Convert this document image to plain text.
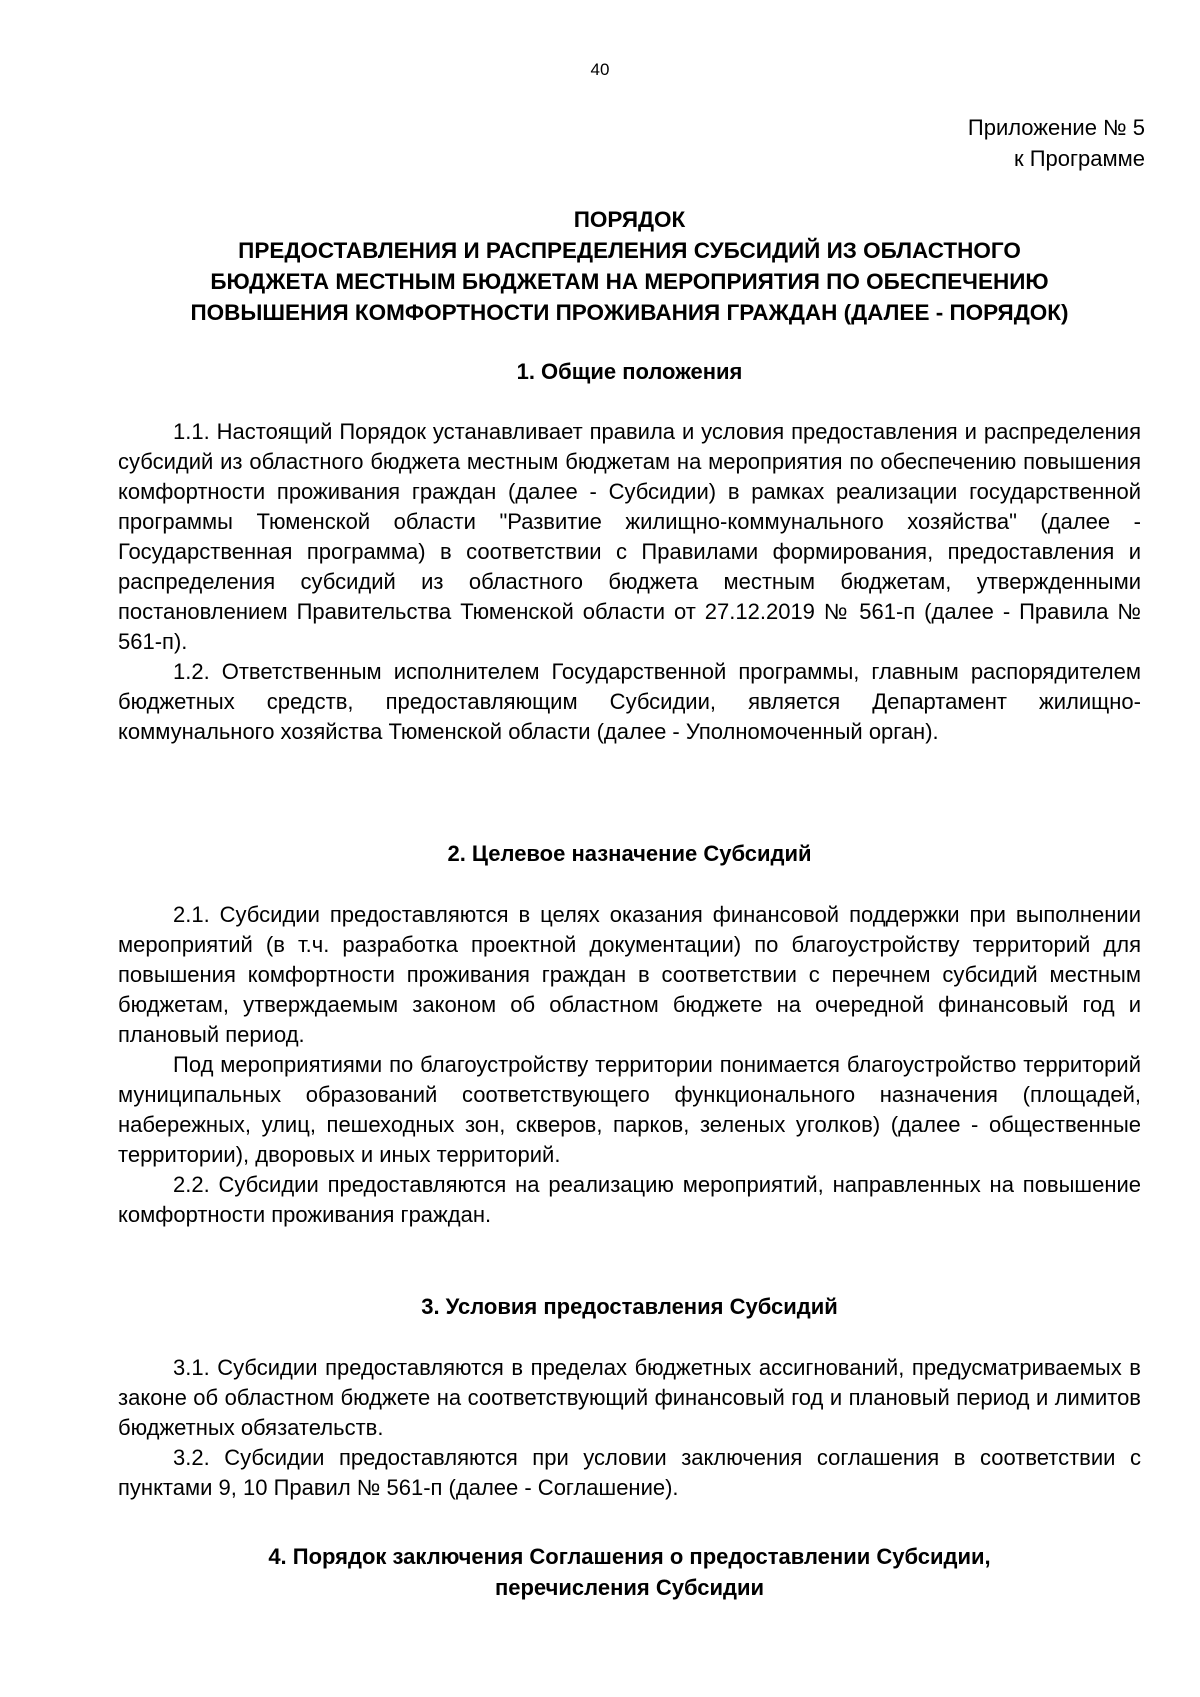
40
Приложение № 5
к Программе
ПОРЯДОК
ПРЕДОСТАВЛЕНИЯ И РАСПРЕДЕЛЕНИЯ СУБСИДИЙ ИЗ ОБЛАСТНОГО
БЮДЖЕТА МЕСТНЫМ БЮДЖЕТАМ НА МЕРОПРИЯТИЯ ПО ОБЕСПЕЧЕНИЮ
ПОВЫШЕНИЯ КОМФОРТНОСТИ ПРОЖИВАНИЯ ГРАЖДАН (ДАЛЕЕ - ПОРЯДОК)
1. Общие положения

1.1. Настоящий Порядок устанавливает правила и условия предоставления и распределения субсидий из областного бюджета местным бюджетам на мероприятия по обеспечению повышения комфортности проживания граждан (далее - Субсидии) в рамках реализации государственной программы Тюменской области "Развитие жилищно-коммунального хозяйства" (далее - Государственная программа) в соответствии с Правилами формирования, предоставления и распределения субсидий из областного бюджета местным бюджетам, утвержденными постановлением Правительства Тюменской области от 27.12.2019 № 561-п (далее - Правила № 561-п).

1.2. Ответственным исполнителем Государственной программы, главным распорядителем бюджетных средств, предоставляющим Субсидии, является Департамент жилищно-коммунального хозяйства Тюменской области (далее - Уполномоченный орган).

2. Целевое назначение Субсидий

2.1. Субсидии предоставляются в целях оказания финансовой поддержки при выполнении мероприятий (в т.ч. разработка проектной документации) по благоустройству территорий для повышения комфортности проживания граждан в соответствии с перечнем субсидий местным бюджетам, утверждаемым законом об областном бюджете на очередной финансовый год и плановый период.

Под мероприятиями по благоустройству территории понимается благоустройство территорий муниципальных образований соответствующего функционального назначения (площадей, набережных, улиц, пешеходных зон, скверов, парков, зеленых уголков) (далее - общественные территории), дворовых и иных территорий.

2.2. Субсидии предоставляются на реализацию мероприятий, направленных на повышение комфортности проживания граждан.

3. Условия предоставления Субсидий

3.1. Субсидии предоставляются в пределах бюджетных ассигнований, предусматриваемых в законе об областном бюджете на соответствующий финансовый год и плановый период и лимитов бюджетных обязательств.

3.2. Субсидии предоставляются при условии заключения соглашения в соответствии с пунктами 9, 10 Правил № 561-п (далее - Соглашение).

4. Порядок заключения Соглашения о предоставлении Субсидии,
перечисления Субсидии
